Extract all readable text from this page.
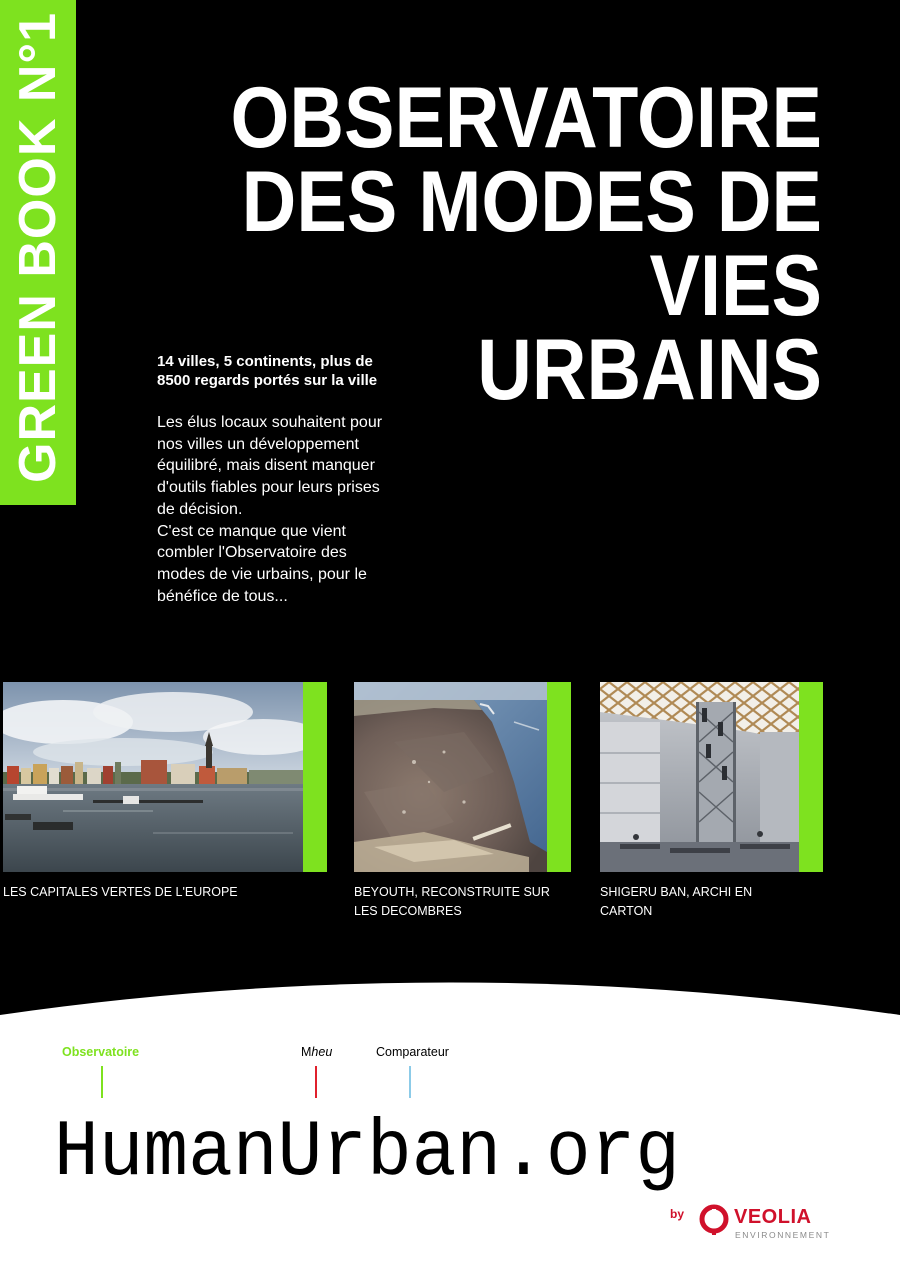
GREEN BOOK N°1 OBSERVATOIRE
DES MODES DE
VIES
URBAINS

14 villes, 5 continents, plus de 8500 regards portés sur la ville

Les élus locaux souhaitent pour
nos villes un développement
équilibré, mais disent manquer
d'outils fiables pour leurs prises
de décision.
C'est ce manque que vient
combler l'Observatoire des
modes de vie urbains, pour le
bénéfice de tous...

LES CAPITALES VERTES DE L'EUROPE	BEYOUTH, RECONSTRUITE SUR
LES DECOMBRES
SHIGERU BAN, ARCHI EN
CARTON
Observatoire	Mheu	Comparateur
HumanUrban.org
by VEOLIA
ENVIRONNEMENT
